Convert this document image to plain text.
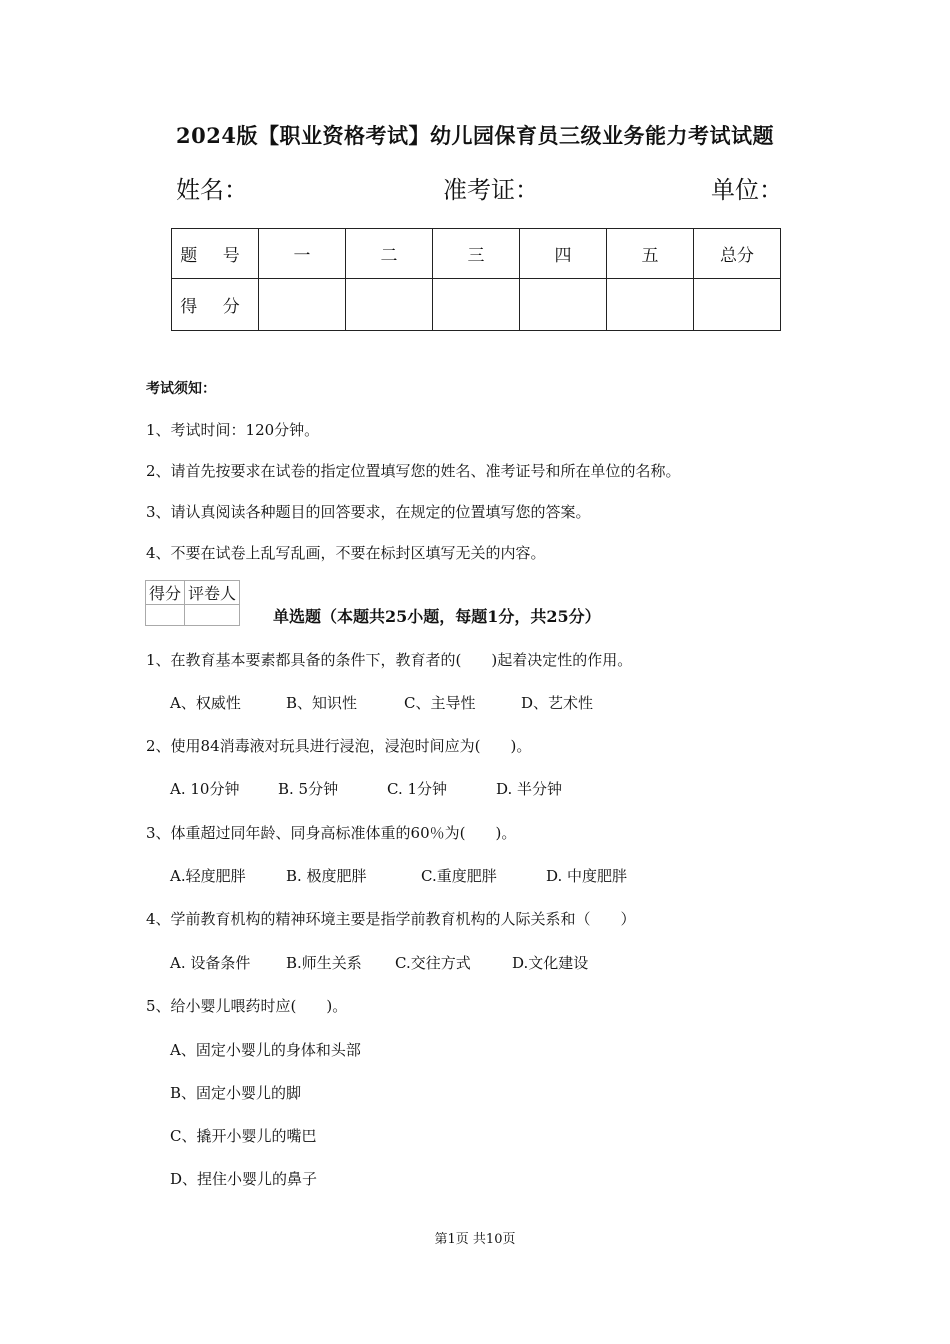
2024版【职业资格考试】幼儿园保育员三级业务能力考试试题
姓名：	准考证：	单位：
题 号	一	二	三	四	五	总分
得 分						
考试须知：
1、考试时间：120分钟。
2、请首先按要求在试卷的指定位置填写您的姓名、准考证号和所在单位的名称。
3、请认真阅读各种题目的回答要求，在规定的位置填写您的答案。
4、不要在试卷上乱写乱画，不要在标封区填写无关的内容。
得分	评卷人

单选题（本题共25小题，每题1分，共25分）
1、在教育基本要素都具备的条件下，教育者的(　　)起着决定性的作用。
A、权威性	B、知识性	C、主导性	D、艺术性
2、使用84消毒液对玩具进行浸泡，浸泡时间应为(　　)。
A. 10分钟	B. 5分钟	C. 1分钟	D. 半分钟
3、体重超过同年龄、同身高标准体重的60％为(　　)。
A.轻度肥胖	B. 极度肥胖	C.重度肥胖	D. 中度肥胖
4、学前教育机构的精神环境主要是指学前教育机构的人际关系和（　　）
A. 设备条件 B.师生关系 C.交往方式	D.文化建设
5、给小婴儿喂药时应(　　)。
A、固定小婴儿的身体和头部
B、固定小婴儿的脚
C、撬开小婴儿的嘴巴
D、捏住小婴儿的鼻子
第1页 共10页
